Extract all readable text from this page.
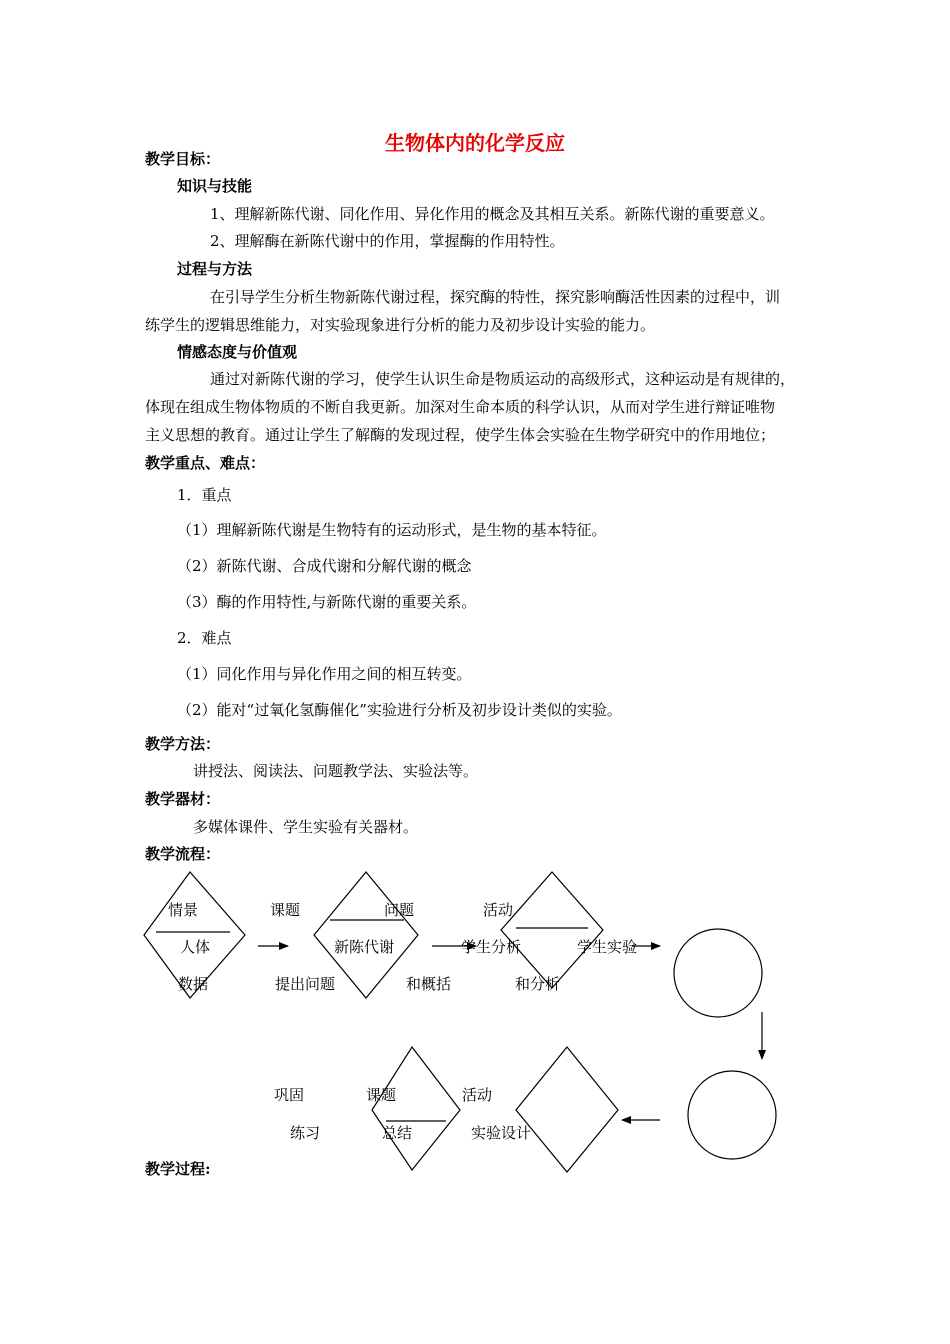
生物体内的化学反应
教学目标：
知识与技能
1、理解新陈代谢、同化作用、异化作用的概念及其相互关系。新陈代谢的重要意义。
2、理解酶在新陈代谢中的作用，掌握酶的作用特性。
过程与方法
在引导学生分析生物新陈代谢过程，探究酶的特性，探究影响酶活性因素的过程中，训
练学生的逻辑思维能力，对实验现象进行分析的能力及初步设计实验的能力。
情感态度与价值观
通过对新陈代谢的学习，使学生认识生命是物质运动的高级形式，这种运动是有规律的，
体现在组成生物体物质的不断自我更新。加深对生命本质的科学认识，从而对学生进行辩证唯物
主义思想的教育。通过让学生了解酶的发现过程，使学生体会实验在生物学研究中的作用地位；
教学重点、难点：
1．重点
（1）理解新陈代谢是生物特有的运动形式，是生物的基本特征。
（2）新陈代谢、合成代谢和分解代谢的概念
（3）酶的作用特性,与新陈代谢的重要关系。
2．难点
（1）同化作用与异化作用之间的相互转变。
（2）能对“过氧化氢酶催化”实验进行分析及初步设计类似的实验。
教学方法：
讲授法、阅读法、问题教学法、实验法等。
教学器材：
多媒体课件、学生实验有关器材。
教学流程：
情景
人体
数据
课题
提出问题
问题
新陈代谢
和概括
活动
学生分析
和分析
学生实验
巩固
练习
课题
总结
活动
实验设计
教学过程:
